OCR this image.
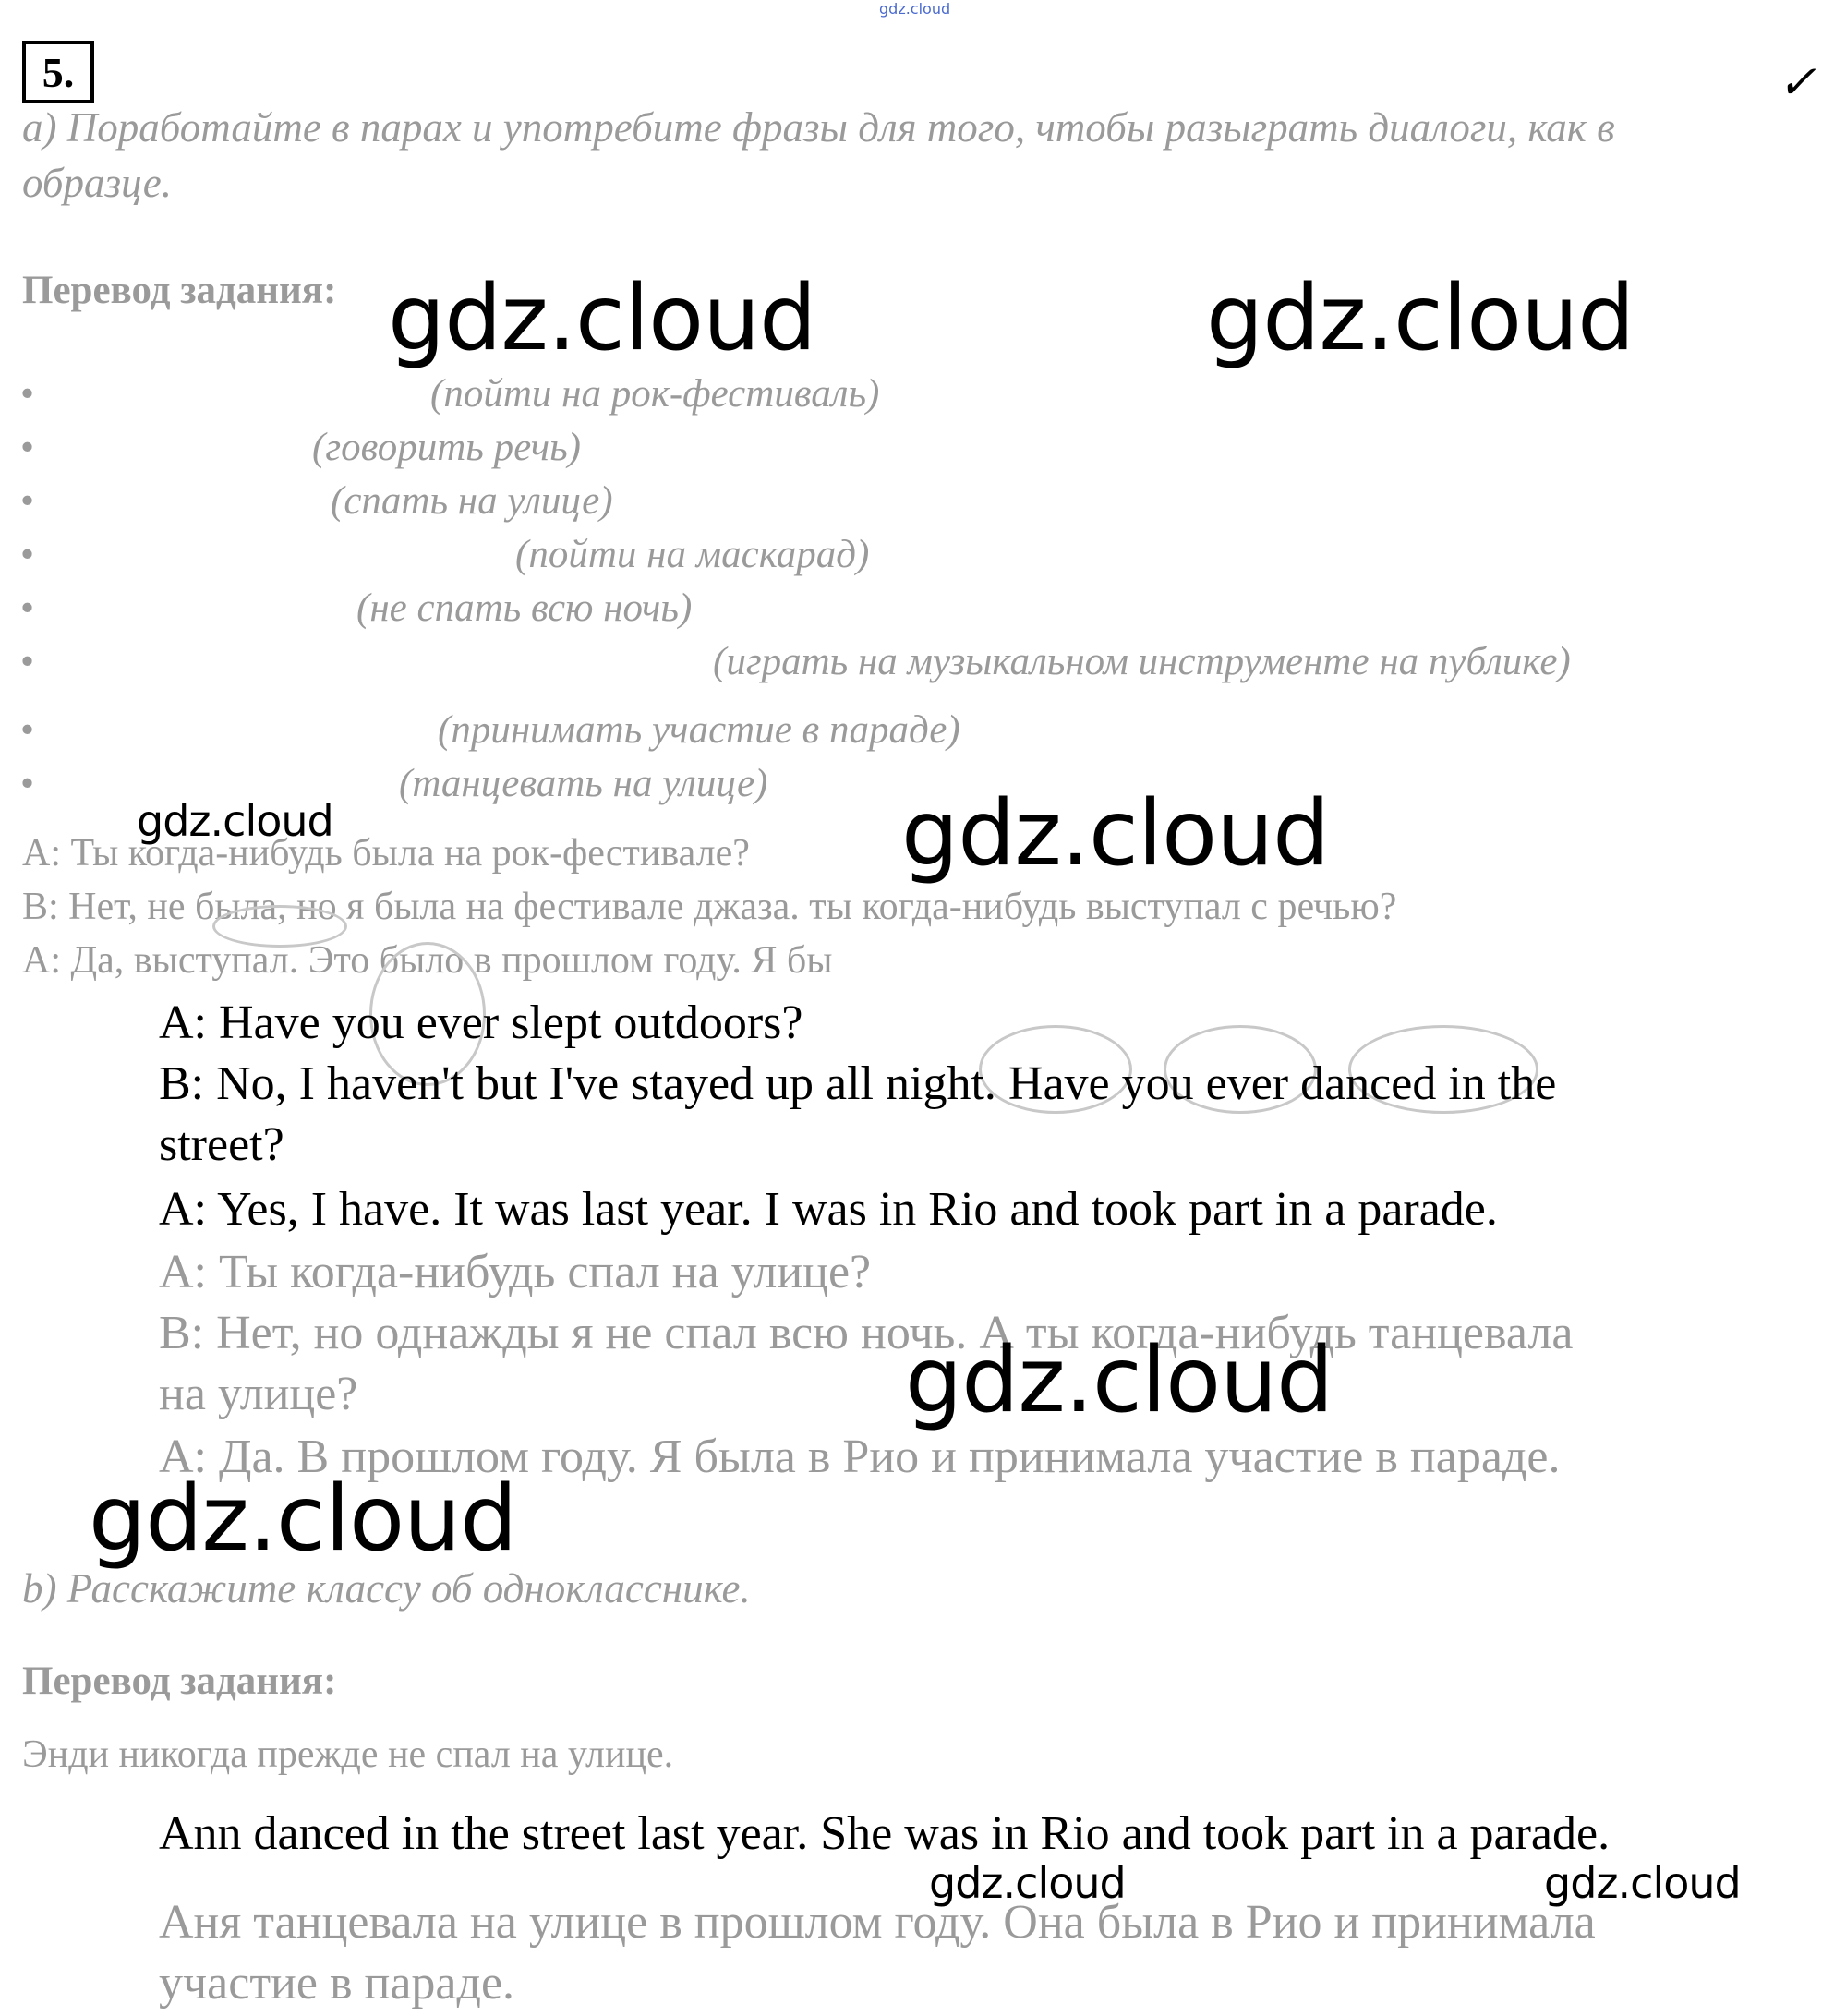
gdz.cloud
5.	✓
а) Поработайте в парах и употребите фразы для того, чтобы разыграть диалоги, как в
образце.
Перевод задания:
•	(пойти на рок-фестиваль)
•	(говорить речь)
•	(спать на улице)
•	(пойти на маскарад)
•	(не спать всю ночь)
•	(играть на музыкальном инструменте на публике)
•	(принимать участие в параде)
•	(танцевать на улице)
A: Ты когда-нибудь была на рок-фестивале?
B: Нет, не была, но я была на фестивале джаза. ты когда-нибудь выступал с речью?
A: Да, выступал. Это было в прошлом году. Я бы
A: Have you ever slept outdoors?
B: No, I haven't but I've stayed up all night. Have you ever danced in the
street?
A: Yes, I have. It was last year. I was in Rio and took part in a parade.
A: Ты когда-нибудь спал на улице?
B: Нет, но однажды я не спал всю ночь. А ты когда-нибудь танцевала
на улице?
A: Да. В прошлом году. Я была в Рио и принимала участие в параде.
b) Расскажите классу об однокласснике.
Перевод задания:
Энди никогда прежде не спал на улице.
Ann danced in the street last year. She was in Rio and took part in a parade.
Аня танцевала на улице в прошлом году. Она была в Рио и принимала
участие в параде.
gdz.cloud	gdz.cloud
gdz.cloud	gdz.cloud
gdz.cloud
gdz.cloud
gdz.cloud	gdz.cloud
